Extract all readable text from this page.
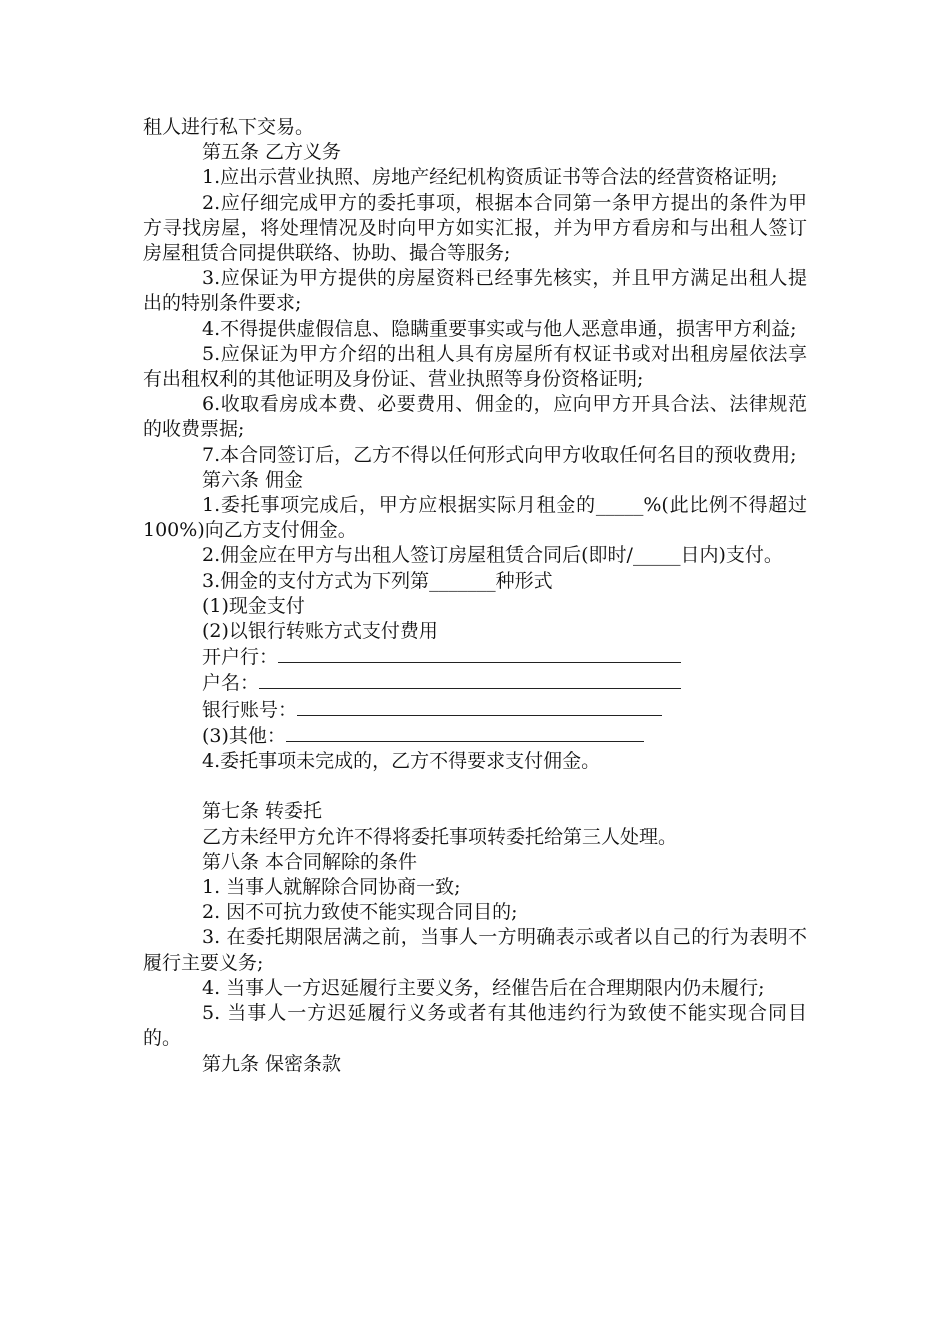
租人进行私下交易。

第五条 乙方义务

1.应出示营业执照、房地产经纪机构资质证书等合法的经营资格证明;

2.应仔细完成甲方的委托事项，根据本合同第一条甲方提出的条件为甲方寻找房屋，将处理情况及时向甲方如实汇报，并为甲方看房和与出租人签订房屋租赁合同提供联络、协助、撮合等服务;

3.应保证为甲方提供的房屋资料已经事先核实，并且甲方满足出租人提出的特别条件要求;

4.不得提供虚假信息、隐瞒重要事实或与他人恶意串通，损害甲方利益;

5.应保证为甲方介绍的出租人具有房屋所有权证书或对出租房屋依法享有出租权利的其他证明及身份证、营业执照等身份资格证明;

6.收取看房成本费、必要费用、佣金的，应向甲方开具合法、法律规范的收费票据;

7.本合同签订后，乙方不得以任何形式向甲方收取任何名目的预收费用;

第六条 佣金

1.委托事项完成后，甲方应根据实际月租金的_____%(此比例不得超过100%)向乙方支付佣金。

2.佣金应在甲方与出租人签订房屋租赁合同后(即时/_____日内)支付。

3.佣金的支付方式为下列第_______种形式

(1)现金支付

(2)以银行转账方式支付费用

开户行：
户名：
银行账号：
(3)其他：

4.委托事项未完成的，乙方不得要求支付佣金。

第七条 转委托

乙方未经甲方允许不得将委托事项转委托给第三人处理。

第八条 本合同解除的条件

1. 当事人就解除合同协商一致;

2. 因不可抗力致使不能实现合同目的;

3. 在委托期限居满之前，当事人一方明确表示或者以自己的行为表明不履行主要义务;

4. 当事人一方迟延履行主要义务，经催告后在合理期限内仍未履行;

5. 当事人一方迟延履行义务或者有其他违约行为致使不能实现合同目的。

第九条 保密条款
